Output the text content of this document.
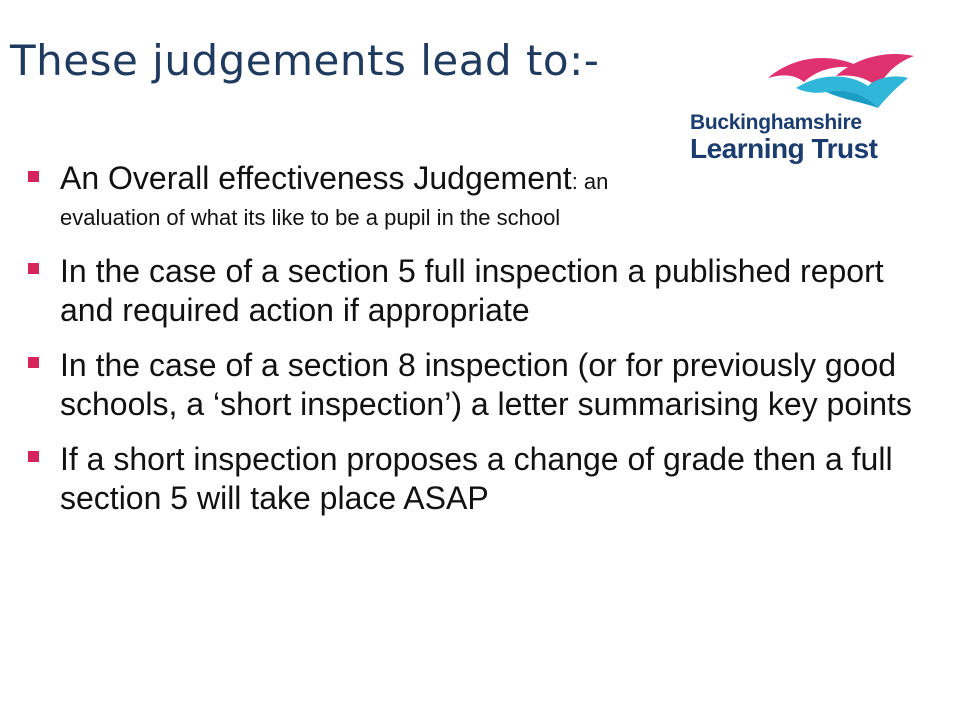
These judgements lead to:-
Buckinghamshire
Learning Trust
An Overall effectiveness Judgement: an
evaluation of what its like to be a pupil in the school
In the case of a section 5 full inspection a published report and required action if appropriate
In the case of a section 8 inspection (or for previously good schools, a ‘short inspection’) a letter summarising key points
If a short inspection proposes a change of grade then a full section 5 will take place ASAP
